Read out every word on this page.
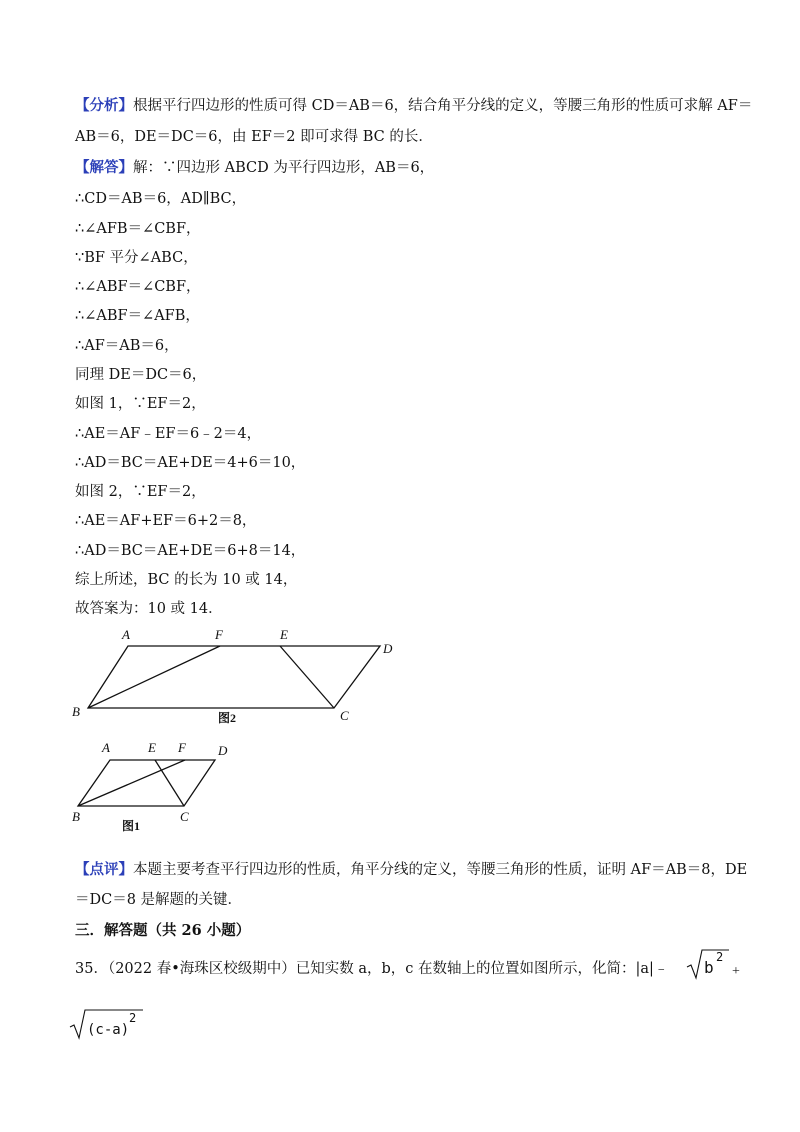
【分析】根据平行四边形的性质可得 CD＝AB＝6，结合角平分线的定义，等腰三角形的性质可求解 AF＝
AB＝6，DE＝DC＝6，由 EF＝2 即可求得 BC 的长．
【解答】解：∵四边形 ABCD 为平行四边形，AB＝6，
∴CD＝AB＝6，AD∥BC，
∴∠AFB＝∠CBF，
∵BF 平分∠ABC，
∴∠ABF＝∠CBF，
∴∠ABF＝∠AFB，
∴AF＝AB＝6，
同理 DE＝DC＝6，
如图 1，∵EF＝2，
∴AE＝AF﹣EF＝6﹣2＝4，
∴AD＝BC＝AE+DE＝4+6＝10，
如图 2，∵EF＝2，
∴AE＝AF+EF＝6+2＝8，
∴AD＝BC＝AE+DE＝6+8＝14，
综上所述，BC 的长为 10 或 14，
故答案为：10 或 14．
A	F	E
D
B	C
图2
A	E F D
B	C
图1
【点评】本题主要考查平行四边形的性质，角平分线的定义，等腰三角形的性质，证明 AF＝AB＝8，DE
＝DC＝8 是解题的关键．
三．解答题（共 26 小题）
35．（2022 春•海珠区校级期中）已知实数 a，b，c 在数轴上的位置如图所示，化简：|a|﹣ b
2
+
(c-a)
2
